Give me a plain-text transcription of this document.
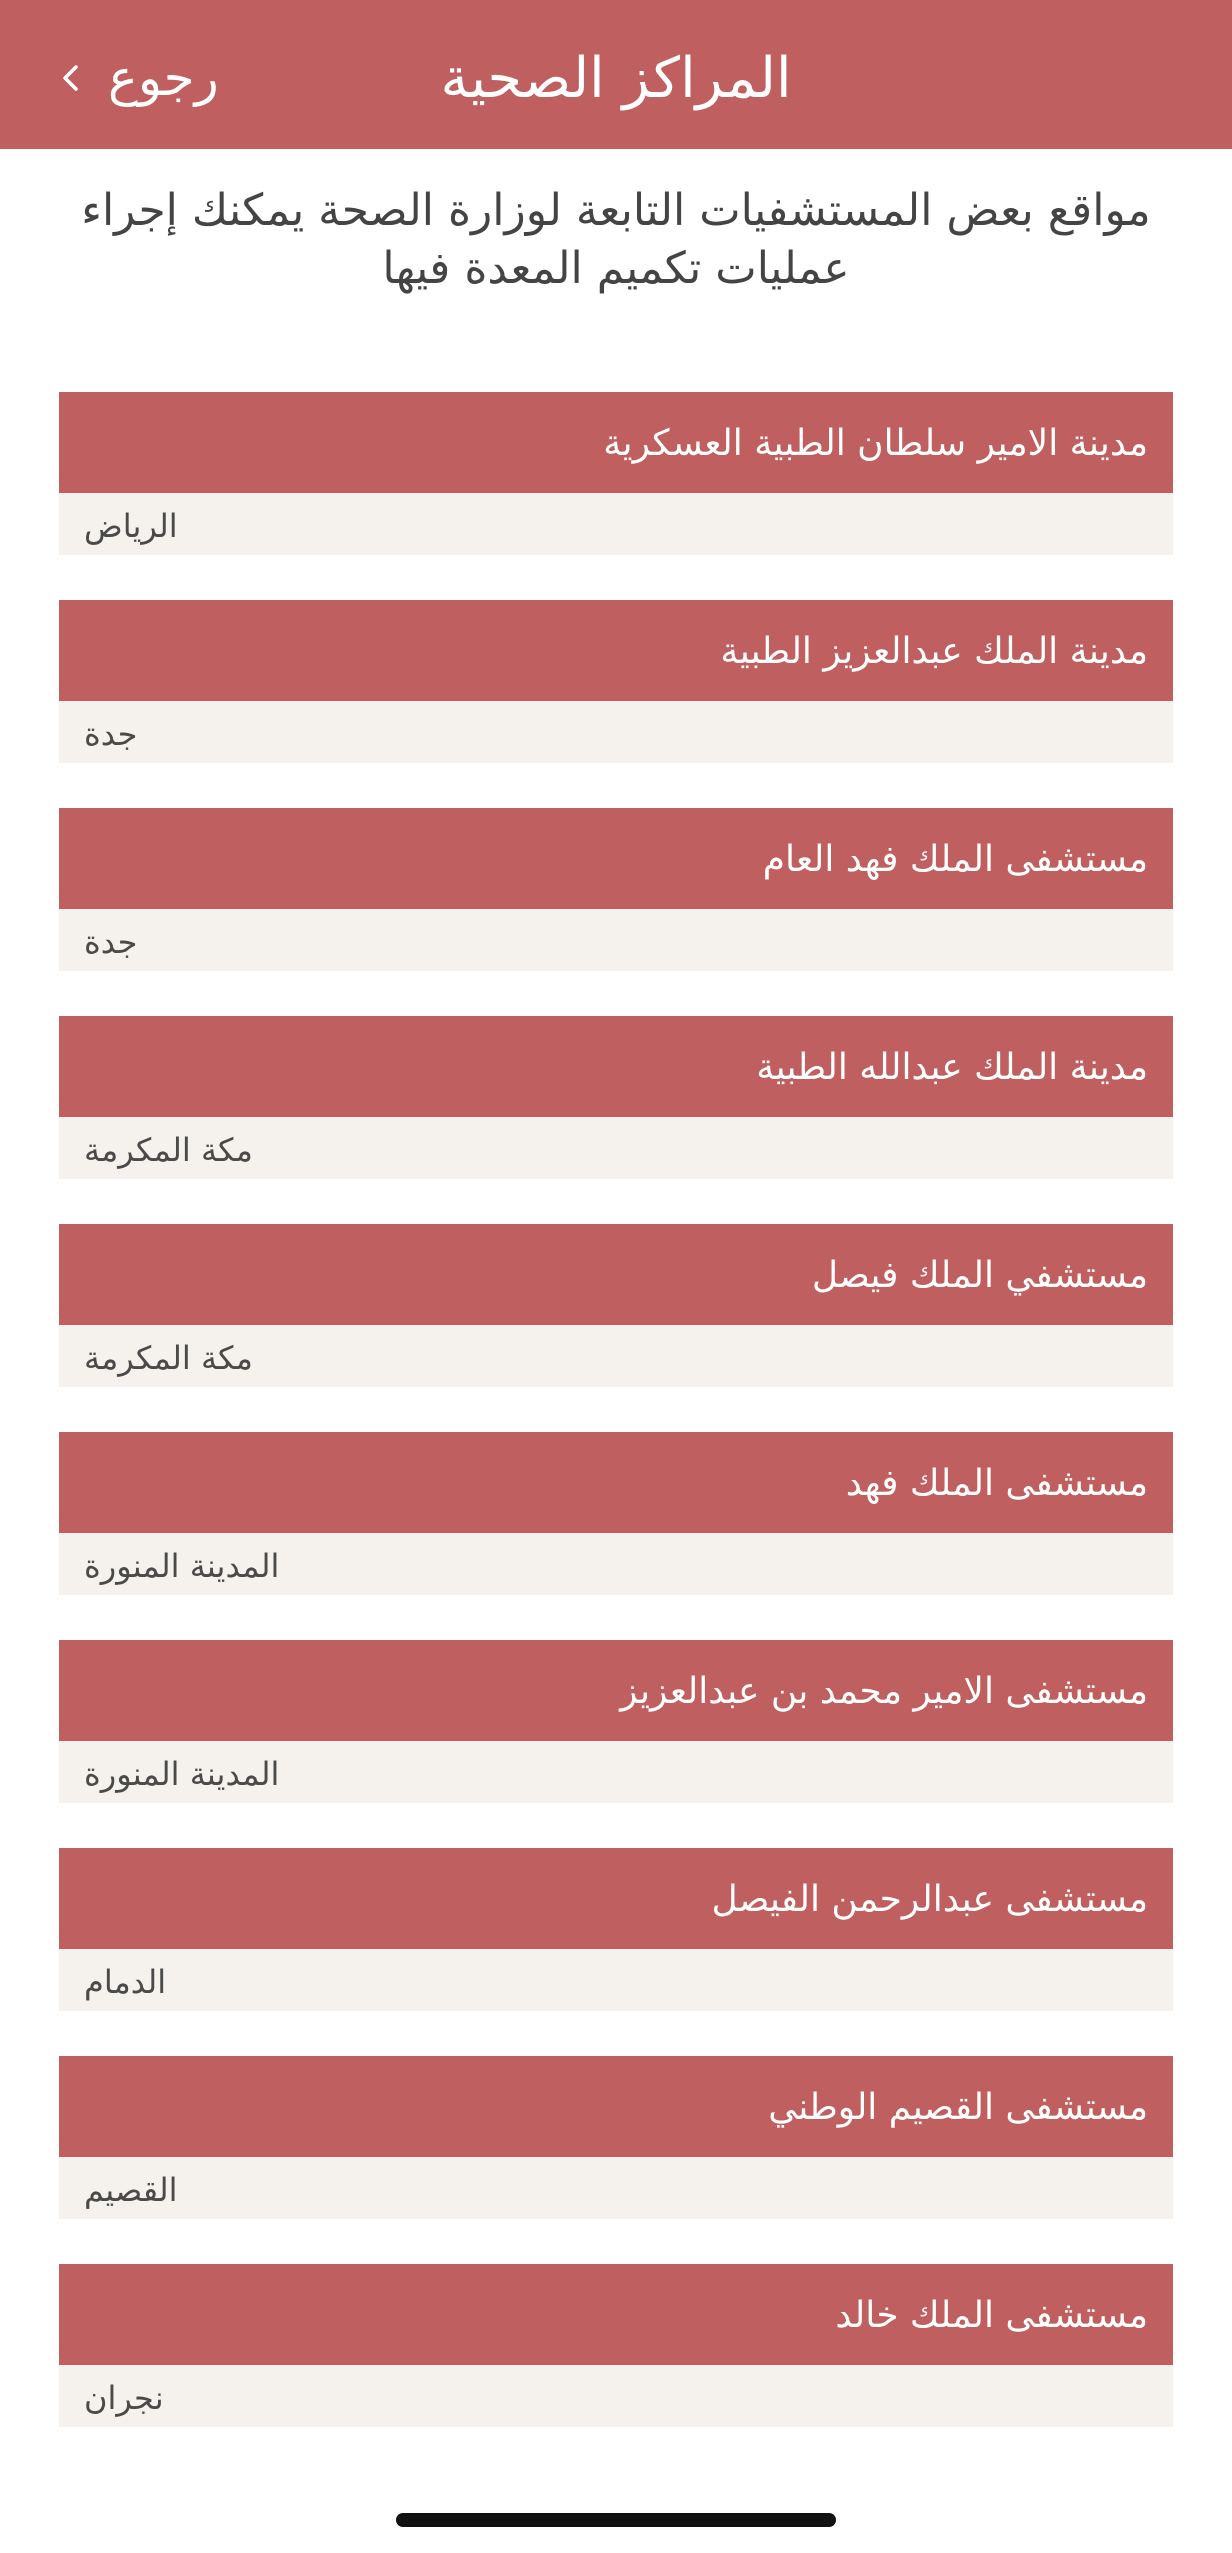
المراكز الصحية
رجوع
مواقع بعض المستشفيات التابعة لوزارة الصحة يمكنك إجراء عمليات تكميم المعدة فيها
مدينة الامير سلطان الطبية العسكرية
الرياض
مدينة الملك عبدالعزيز الطبية
جدة
مستشفى الملك فهد العام
جدة
مدينة الملك عبدالله الطبية
مكة المكرمة
مستشفي الملك فيصل
مكة المكرمة
مستشفى الملك فهد
المدينة المنورة
مستشفى الامير محمد بن عبدالعزيز
المدينة المنورة
مستشفى عبدالرحمن الفيصل
الدمام
مستشفى القصيم الوطني
القصيم
مستشفى الملك خالد
نجران
